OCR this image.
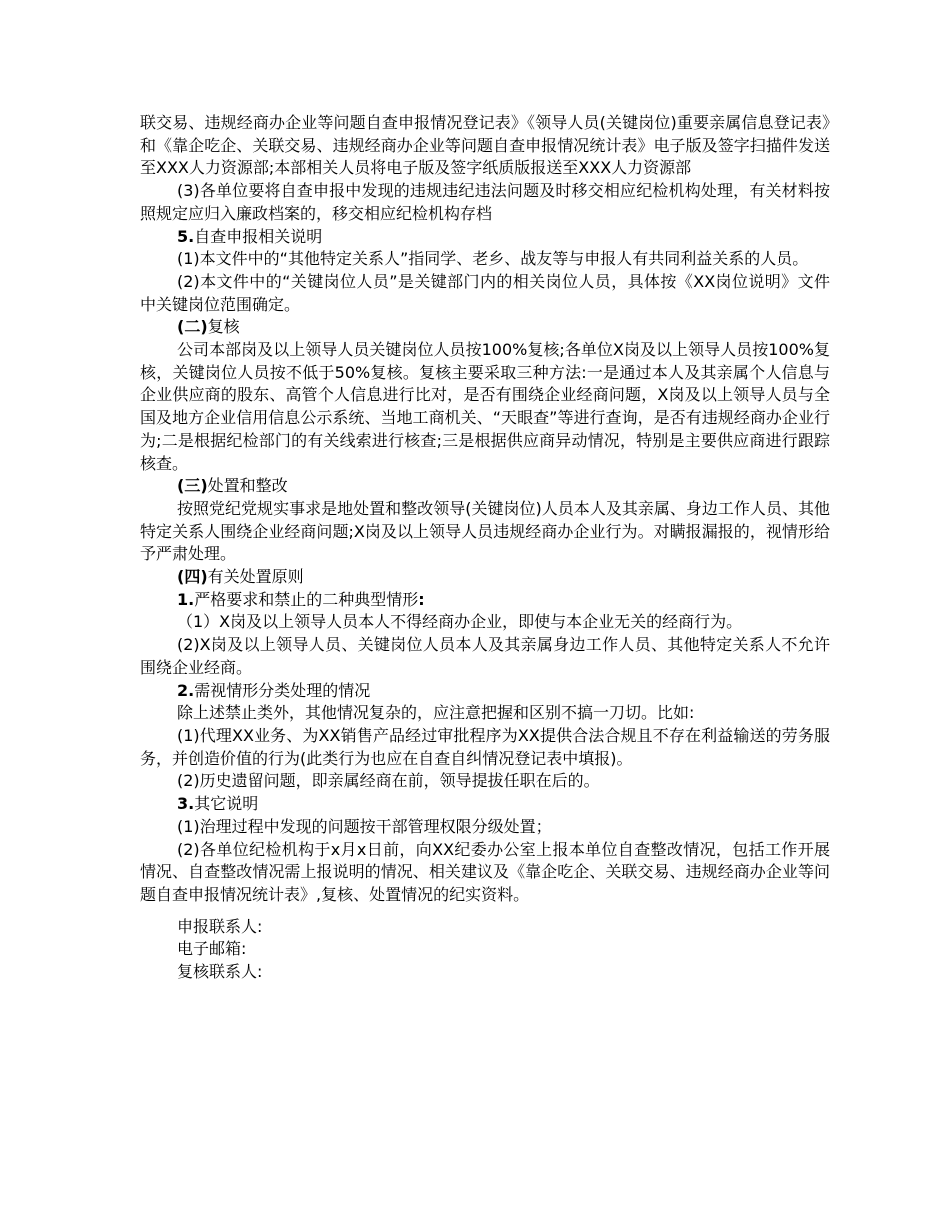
联交易、违规经商办企业等问题自查申报情况登记表》《领导人员(关键岗位)重要亲属信息登记表》和《靠企吃企、关联交易、违规经商办企业等问题自查申报情况统计表》电子版及签字扫描件发送至XXX人力资源部;本部相关人员将电子版及签字纸质版报送至XXX人力资源部

(3)各单位要将自查申报中发现的违规违纪违法问题及时移交相应纪检机构处理，有关材料按照规定应归入廉政档案的，移交相应纪检机构存档

5.自查申报相关说明

(1)本文件中的“其他特定关系人”指同学、老乡、战友等与申报人有共同利益关系的人员。

(2)本文件中的“关键岗位人员”是关键部门内的相关岗位人员，具体按《XX岗位说明》文件中关键岗位范围确定。

(二)复核

公司本部岗及以上领导人员关键岗位人员按100%复核;各单位X岗及以上领导人员按100%复核，关键岗位人员按不低于50%复核。复核主要采取三种方法:一是通过本人及其亲属个人信息与企业供应商的股东、高管个人信息进行比对，是否有围绕企业经商问题，X岗及以上领导人员与全国及地方企业信用信息公示系统、当地工商机关、“天眼查”等进行查询，是否有违规经商办企业行为;二是根据纪检部门的有关线索进行核查;三是根据供应商异动情况，特别是主要供应商进行跟踪核查。

(三)处置和整改

按照党纪党规实事求是地处置和整改领导(关键岗位)人员本人及其亲属、身边工作人员、其他特定关系人围绕企业经商问题;X岗及以上领导人员违规经商办企业行为。对瞒报漏报的，视情形给予严肃处理。

(四)有关处置原则

1.严格要求和禁止的二种典型情形:

（1）X岗及以上领导人员本人不得经商办企业，即使与本企业无关的经商行为。

(2)X岗及以上领导人员、关键岗位人员本人及其亲属身边工作人员、其他特定关系人不允许围绕企业经商。

2.需视情形分类处理的情况

除上述禁止类外，其他情况复杂的，应注意把握和区别不搞一刀切。比如:

(1)代理XX业务、为XX销售产品经过审批程序为XX提供合法合规且不存在利益输送的劳务服务，并创造价值的行为(此类行为也应在自查自纠情况登记表中填报)。

(2)历史遗留问题，即亲属经商在前，领导提拔任职在后的。

3.其它说明

(1)治理过程中发现的问题按干部管理权限分级处置；

(2)各单位纪检机构于x月x日前，向XX纪委办公室上报本单位自查整改情况，包括工作开展情况、自查整改情况需上报说明的情况、相关建议及《靠企吃企、关联交易、违规经商办企业等问题自查申报情况统计表》,复核、处置情况的纪实资料。

申报联系人:

电子邮箱:

复核联系人:
